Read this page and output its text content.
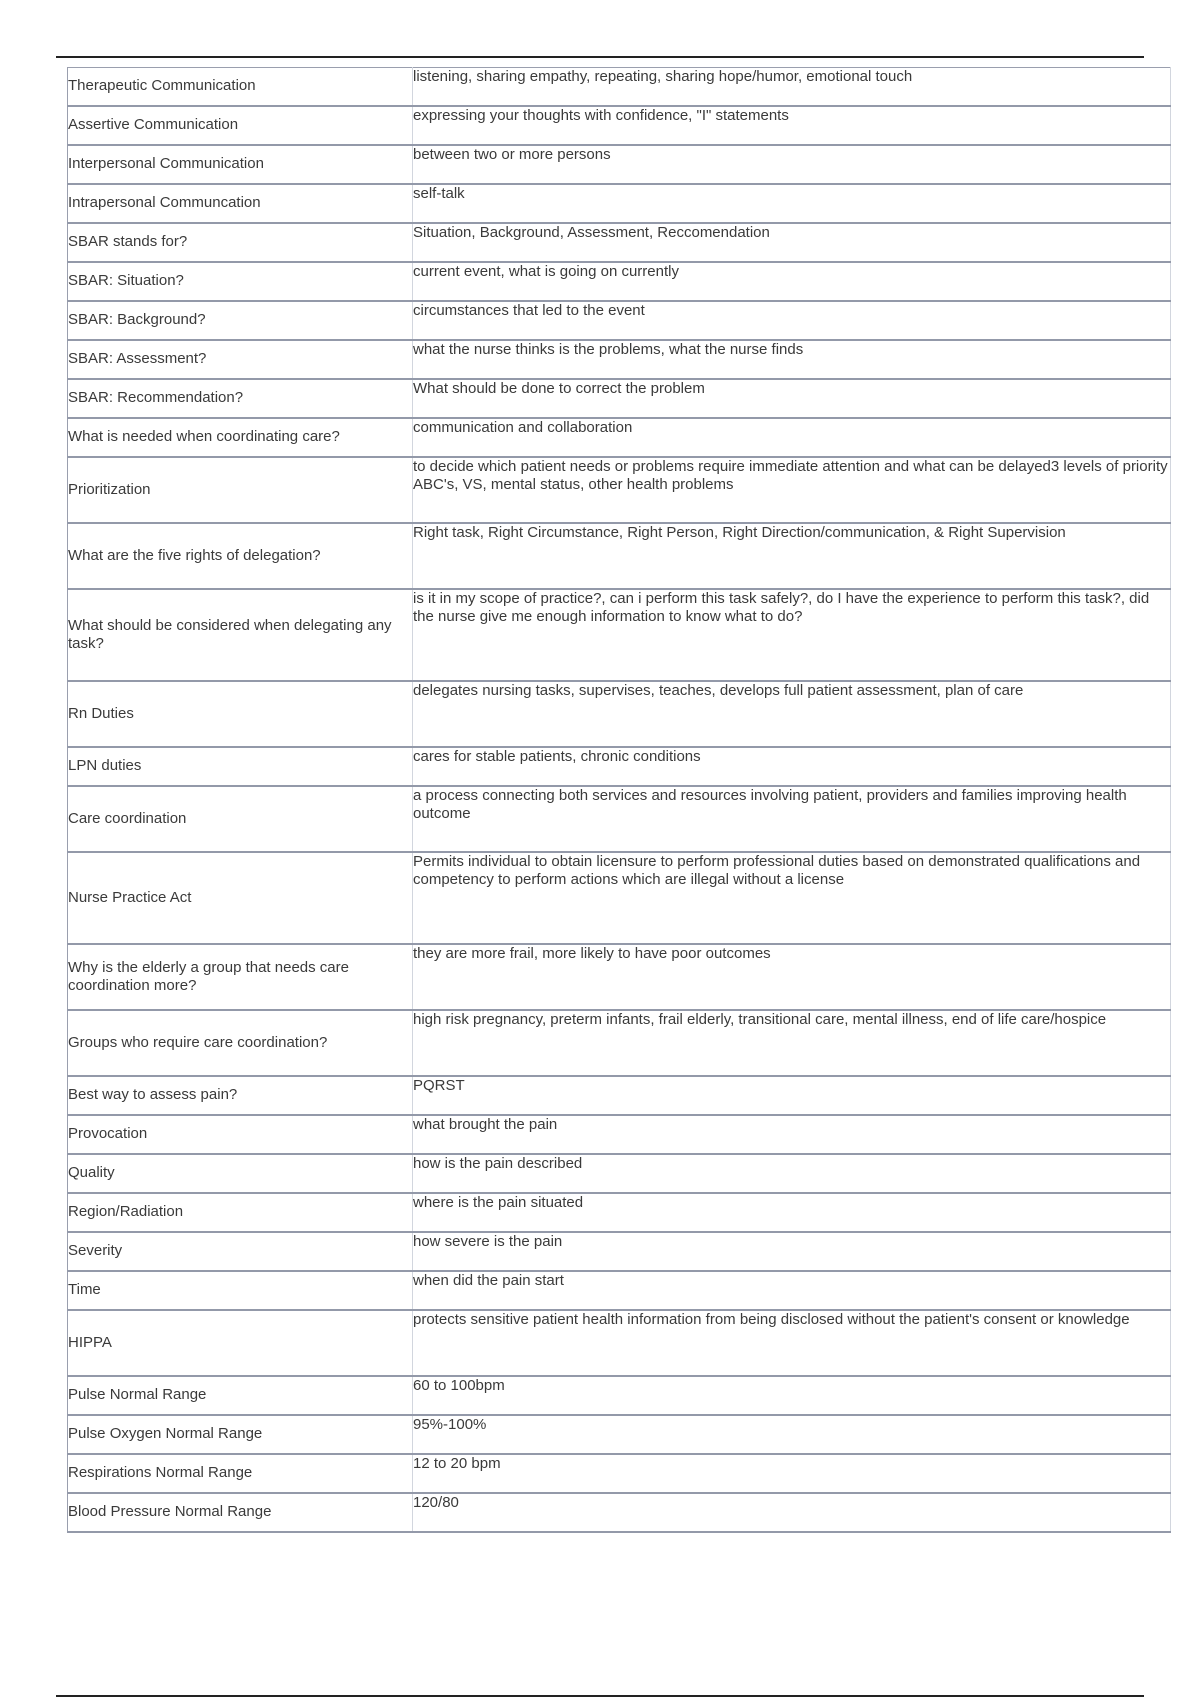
Therapeutic Communication	listening, sharing empathy, repeating, sharing hope/humor, emotional touch

Assertive Communication	expressing your thoughts with confidence, "I" statements

Interpersonal Communication	between two or more persons

Intrapersonal Communcation	self-talk

SBAR stands for?	Situation, Background, Assessment, Reccomendation

SBAR: Situation?	current event, what is going on currently

SBAR: Background?	circumstances that led to the event

SBAR: Assessment?	what the nurse thinks is the problems, what the nurse finds

SBAR: Recommendation?	What should be done to correct the problem

What is needed when coordinating care?	communication and collaboration

Prioritization	to decide which patient needs or problems require immediate attention and what can be delayed3 levels of priority ABC's, VS, mental status, other health problems

What are the five rights of delegation?	Right task, Right Circumstance, Right Person, Right Direction/communication, & Right Supervision

What should be considered when delegating any task?	is it in my scope of practice?, can i perform this task safely?, do I have the experience to perform this task?, did the nurse give me enough information to know what to do?

Rn Duties	delegates nursing tasks, supervises, teaches, develops full patient assessment, plan of care

LPN duties	cares for stable patients, chronic conditions

Care coordination	a process connecting both services and resources involving patient, providers and families improving health outcome

Nurse Practice Act	Permits individual to obtain licensure to perform professional duties based on demonstrated qualifications and competency to perform actions which are illegal without a license

Why is the elderly a group that needs care coordination more?	they are more frail, more likely to have poor outcomes

Groups who require care coordination?	high risk pregnancy, preterm infants, frail elderly, transitional care, mental illness, end of life care/hospice

Best way to assess pain?	PQRST

Provocation	what brought the pain

Quality	how is the pain described

Region/Radiation	where is the pain situated

Severity	how severe is the pain

Time	when did the pain start

HIPPA	protects sensitive patient health information from being disclosed without the patient's consent or knowledge

Pulse Normal Range	60 to 100bpm

Pulse Oxygen Normal Range	95%-100%

Respirations Normal Range	12 to 20 bpm

Blood Pressure Normal Range	120/80
